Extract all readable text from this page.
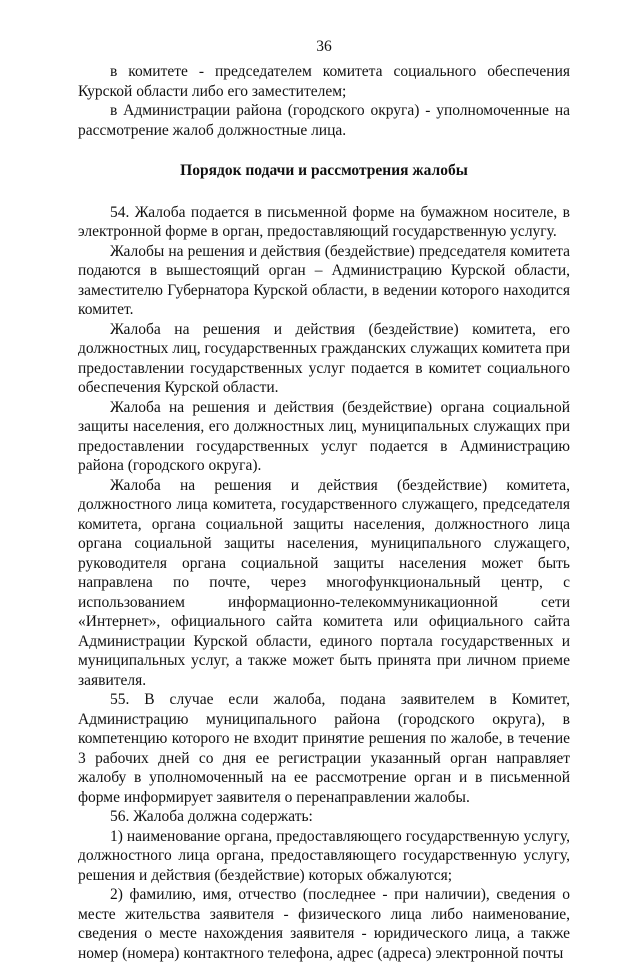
36

в комитете - председателем комитета социального обеспечения Курской области либо его заместителем;

в Администрации района (городского округа) - уполномоченные на рассмотрение жалоб должностные лица.

Порядок подачи и рассмотрения жалобы

54. Жалоба подается в письменной форме на бумажном носителе, в электронной форме в орган, предоставляющий государственную услугу.

Жалобы на решения и действия (бездействие) председателя комитета подаются в вышестоящий орган – Администрацию Курской области, заместителю Губернатора Курской области, в ведении которого находится комитет.

Жалоба на решения и действия (бездействие) комитета, его должностных лиц, государственных гражданских служащих комитета при предоставлении государственных услуг подается в комитет социального обеспечения Курской области.

Жалоба на решения и действия (бездействие) органа социальной защиты населения, его должностных лиц, муниципальных служащих при предоставлении государственных услуг подается в Администрацию района (городского округа).

Жалоба на решения и действия (бездействие) комитета, должностного лица комитета, государственного служащего, председателя комитета, органа социальной защиты населения, должностного лица органа социальной защиты населения, муниципального служащего, руководителя органа социальной защиты населения может быть направлена по почте, через многофункциональный центр, с использованием информационно-телекоммуникационной сети «Интернет», официального сайта комитета или официального сайта Администрации Курской области, единого портала государственных и муниципальных услуг, а также может быть принята при личном приеме заявителя.

55. В случае если жалоба, подана заявителем в Комитет, Администрацию муниципального района (городского округа), в компетенцию которого не входит принятие решения по жалобе, в течение 3 рабочих дней со дня ее регистрации указанный орган направляет жалобу в уполномоченный на ее рассмотрение орган и в письменной форме информирует заявителя о перенаправлении жалобы.

56. Жалоба должна содержать:

1) наименование органа, предоставляющего государственную услугу, должностного лица органа, предоставляющего государственную услугу, решения и действия (бездействие) которых обжалуются;

2) фамилию, имя, отчество (последнее - при наличии), сведения о месте жительства заявителя - физического лица либо наименование, сведения о месте нахождения заявителя - юридического лица, а также номер (номера) контактного телефона, адрес (адреса) электронной почты
